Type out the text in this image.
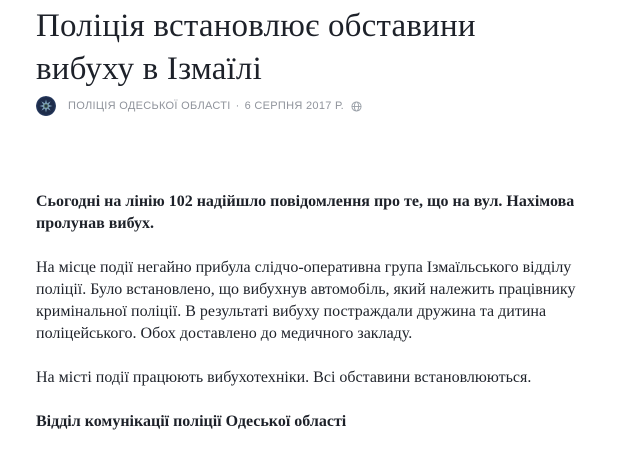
Поліція встановлює обставини вибуху в Ізмаїлі
ПОЛІЦІЯ ОДЕСЬКОЇ ОБЛАСТІ · 6 СЕРПНЯ 2017 Р.

Сьогодні на лінію 102 надійшло повідомлення про те, що на вул. Нахімова пролунав вибух.

На місце події негайно прибула слідчо-оперативна група Ізмаїльського відділу поліції. Було встановлено, що вибухнув автомобіль, який належить працівнику кримінальної поліції. В результаті вибуху постраждали дружина та дитина поліцейського. Обох доставлено до медичного закладу.

На місті події працюють вибухотехніки. Всі обставини встановлюються.

Відділ комунікації поліції Одеської області
